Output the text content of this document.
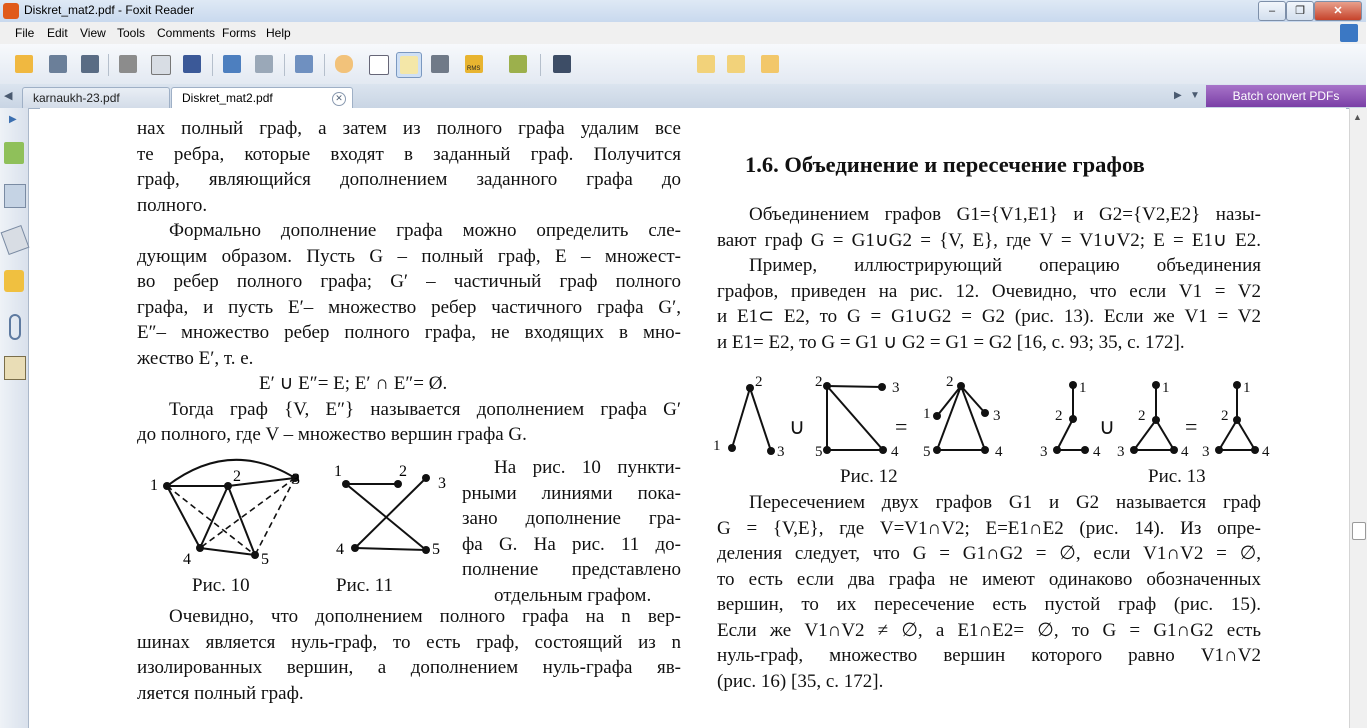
Diskret_mat2.pdf - Foxit Reader	–	❐	✕
File Edit View Tools Comments Forms Help
RMS
◀	karnaukh-23.pdf	Diskret_mat2.pdf	✕	▶ ▼	Batch convert PDFs
▶	нах полный граф, а затем из полного графа удалим все
те ребра, которые входят в заданный граф. Получится
граф, являющийся дополнением заданного графа до
полного.
Формально дополнение графа можно определить сле-
дующим образом. Пусть G – полный граф, E – множест-
во ребер полного графа; G′ – частичный граф полного
графа, и пусть E′– множество ребер частичного графа G′,
E″– множество ребер полного графа, не входящих в мно-
жество E′, т. е.
E′ ∪ E″= E; E′ ∩ E″= Ø.
Тогда граф {V, E″} называется дополнением графа G′
до полного, где V – множество вершин графа G.
На рис. 10 пункти-
рными линиями пока-
зано дополнение гра-
фа G. На рис. 11 до-
полнение представлено
отдельным графом.
1
2	3
4	5
1	2
3
4	5
Рис. 10	Рис. 11
Очевидно, что дополнением полного графа на n вер-
шинах является нуль-граф, то есть граф, состоящий из n
изолированных вершин, а дополнением нуль-графа яв-
ляется полный граф.
1.6. Объединение и пересечение графов
Объединением графов G1={V1,E1} и G2={V2,E2} назы-
вают граф G = G1∪G2 = {V, E}, где V = V1∪V2; E = E1∪ E2.
Пример, иллюстрирующий операцию объединения
графов, приведен на рис. 12. Очевидно, что если V1 = V2
и E1⊂ E2, то G = G1∪G2 = G2 (рис. 13). Если же V1 = V2
и E1= E2, то G = G1 ∪ G2 = G1 = G2 [16, с. 93; 35, с. 172].
2
1	3
2	3
5	4
2
1	3
5	4
1
2
3	4
1
2
3	4
1
2
3	4
∪	=	∪	=
Рис. 12	Рис. 13
Пересечением двух графов G1 и G2 называется граф
G = {V,E}, где V=V1∩V2; E=E1∩E2 (рис. 14). Из опре-
деления следует, что G = G1∩G2 = ∅, если V1∩V2 = ∅,
то есть если два графа не имеют одинаково обозначенных
вершин, то их пересечение есть пустой граф (рис. 15).
Если же V1∩V2 ≠ ∅, а E1∩E2= ∅, то G = G1∩G2 есть
нуль-граф, множество вершин которого равно V1∩V2
(рис. 16) [35, с. 172].
▲
